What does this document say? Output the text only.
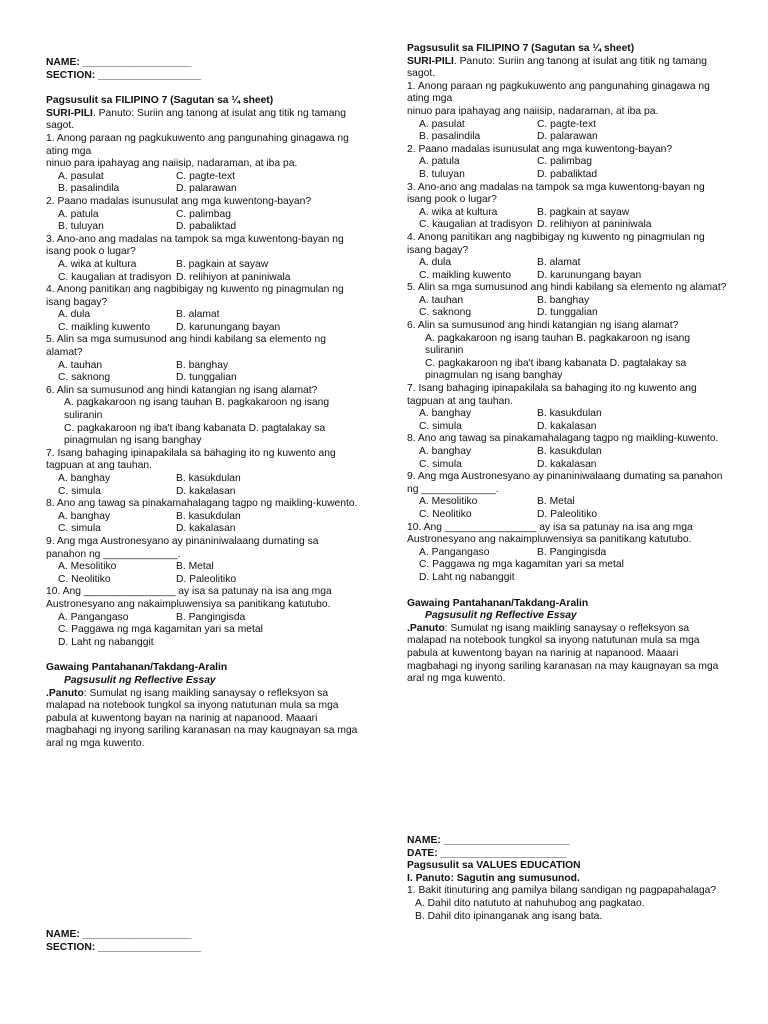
NAME: ___________________

SECTION: __________________

Pagsusulit sa FILIPINO 7 (Sagutan sa ¼ sheet)

SURI-PILI. Panuto: Suriin ang tanong at isulat ang titik ng tamang sagot.

1. Anong paraan ng pagkukuwento ang pangunahing ginagawa ng ating mga

ninuo para ipahayag ang naiisip, nadaraman, at iba pa.

A. pasulat	C. pagte-text
B. pasalindila	D. palarawan

2. Paano madalas isunusulat ang mga kuwentong-bayan?

A. patula	C. palimbag
B. tuluyan	D. pabaliktad

3. Ano-ano ang madalas na tampok sa mga kuwentong-bayan ng isang pook o lugar?

A. wika at kultura	B. pagkain at sayaw
C. kaugalian at tradisyon D. relihiyon at paniniwala

4. Anong panitikan ang nagbibigay ng kuwento ng pinagmulan ng isang bagay?

A. dula	B. alamat
C. maikling kuwento	D. karunungang bayan

5. Alin sa mga sumusunod ang hindi kabilang sa elemento ng alamat?

A. tauhan	B. banghay
C. saknong	D. tunggalian

6. Alin sa sumusunod ang hindi katangian ng isang alamat?

A. pagkakaroon ng isang tauhan B. pagkakaroon ng isang suliranin

C. pagkakaroon ng iba't ibang kabanata D. pagtalakay sa pinagmulan ng isang banghay

7. Isang bahaging ipinapakilala sa bahaging ito ng kuwento ang tagpuan at ang tauhan.

A. banghay	B. kasukdulan
C. simula	D. kakalasan

8. Ano ang tawag sa pinakamahalagang tagpo ng maikling-kuwento.

A. banghay	B. kasukdulan
C. simula	D. kakalasan

9. Ang mga Austronesyano ay pinaniniwalaang dumating sa panahon ng _____________.

A. Mesolitiko	B. Metal
C. Neolitiko	D. Paleolitiko

10. Ang ________________ ay isa sa patunay na isa ang mga Austronesyano ang nakaimpluwensiya sa panitikang katutubo.

A. Pangangaso	B. Pangingisda

C. Paggawa ng mga kagamitan yari sa metal

D. Laht ng nabanggit

Gawaing Pantahanan/Takdang-Aralin

Pagsusulit ng Reflective Essay

.Panuto: Sumulat ng isang maikling sanaysay o refleksyon sa malapad na notebook tungkol sa inyong natutunan mula sa mga pabula at kuwentong bayan na narinig at napanood. Maaari magbahagi ng inyong sariling karanasan na may kaugnayan sa mga aral ng mga kuwento.

Pagsusulit sa FILIPINO 7 (Sagutan sa ¼ sheet)

SURI-PILI. Panuto: Suriin ang tanong at isulat ang titik ng tamang sagot.

1. Anong paraan ng pagkukuwento ang pangunahing ginagawa ng ating mga

ninuo para ipahayag ang naiisip, nadaraman, at iba pa.

A. pasulat	C. pagte-text
B. pasalindila	D. palarawan

2. Paano madalas isunusulat ang mga kuwentong-bayan?

A. patula	C. palimbag
B. tuluyan	D. pabaliktad

3. Ano-ano ang madalas na tampok sa mga kuwentong-bayan ng isang pook o lugar?

A. wika at kultura	B. pagkain at sayaw
C. kaugalian at tradisyon D. relihiyon at paniniwala

4. Anong panitikan ang nagbibigay ng kuwento ng pinagmulan ng isang bagay?

A. dula	B. alamat
C. maikling kuwento	D. karunungang bayan

5. Alin sa mga sumusunod ang hindi kabilang sa elemento ng alamat?

A. tauhan	B. banghay
C. saknong	D. tunggalian

6. Alin sa sumusunod ang hindi katangian ng isang alamat?

A. pagkakaroon ng isang tauhan B. pagkakaroon ng isang suliranin

C. pagkakaroon ng iba't ibang kabanata D. pagtalakay sa pinagmulan ng isang banghay

7. Isang bahaging ipinapakilala sa bahaging ito ng kuwento ang tagpuan at ang tauhan.

A. banghay	B. kasukdulan
C. simula	D. kakalasan

8. Ano ang tawag sa pinakamahalagang tagpo ng maikling-kuwento.

A. banghay	B. kasukdulan
C. simula	D. kakalasan

9. Ang mga Austronesyano ay pinaniniwalaang dumating sa panahon ng _____________.

A. Mesolitiko	B. Metal
C. Neolitiko	D. Paleolitiko

10. Ang ________________ ay isa sa patunay na isa ang mga Austronesyano ang nakaimpluwensiya sa panitikang katutubo.

A. Pangangaso	B. Pangingisda

C. Paggawa ng mga kagamitan yari sa metal

D. Laht ng nabanggit

Gawaing Pantahanan/Takdang-Aralin

Pagsusulit ng Reflective Essay

.Panuto: Sumulat ng isang maikling sanaysay o refleksyon sa malapad na notebook tungkol sa inyong natutunan mula sa mga pabula at kuwentong bayan na narinig at napanood. Maaari magbahagi ng inyong sariling karanasan na may kaugnayan sa mga aral ng mga kuwento.

NAME: ___________________

SECTION: __________________

NAME: ______________________

DATE: ______________________

Pagsusulit sa VALUES EDUCATION

I. Panuto: Sagutin ang sumusunod.

1. Bakit itinuturing ang pamilya bilang sandigan ng pagpapahalaga?

A. Dahil dito natututo at nahuhubog ang pagkatao.

B. Dahil dito ipinanganak ang isang bata.
